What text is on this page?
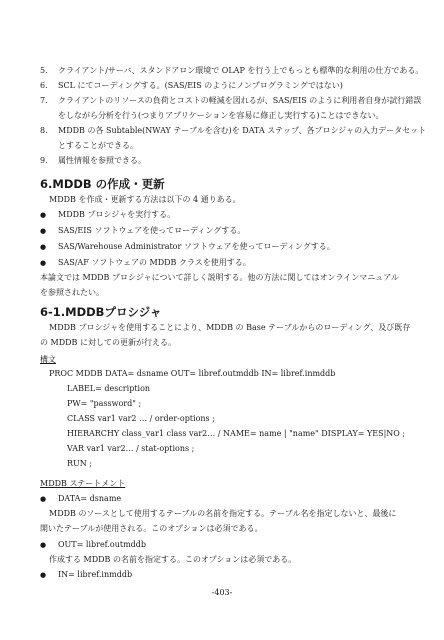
5. クライアント/サーバ、スタンドアロン環境で OLAP を行う上でもっとも標準的な利用の仕方である。
6. SCL にてコーディングする。(SAS/EIS のようにノンプログラミングではない)
7. クライアントのリソースの負荷とコストの軽減を図れるが、SAS/EIS のように利用者自身が試行錯誤
をしながら分析を行う(つまりアプリケーションを容易に修正し実行する)ことはできない。
8. MDDB の各 Subtable(NWAY テーブルを含む)を DATA ステップ、各プロシジャの入力データセット
とすることができる。
9. 属性情報を参照できる。
6.MDDB の作成・更新
MDDB を作成・更新する方法は以下の 4 通りある。
● MDDB プロシジャを実行する。
● SAS/EIS ソフトウェアを使ってローディングする。
● SAS/Warehouse Administrator ソフトウェアを使ってローディングする。
● SAS/AF ソフトウェアの MDDB クラスを使用する。
本論文では MDDB プロシジャについて詳しく説明する。他の方法に関してはオンラインマニュアル
を参照されたい。
6-1.MDDBプロシジャ
MDDB プロシジャを使用することにより、MDDB の Base テーブルからのローディング、及び既存
の MDDB に対しての更新が行える。
構文
PROC MDDB DATA= dsname OUT= libref.outmddb IN= libref.inmddb
LABEL= description
PW= "password" ;
CLASS var1 var2 … / order-options ;
HIERARCHY class_var1 class var2… / NAME= name | "name" DISPLAY= YES|NO ;
VAR var1 var2… / stat-options ;
RUN ;
MDDB ステートメント
● DATA= dsname
MDDB のソースとして使用するテーブルの名前を指定する。テーブル名を指定しないと、最後に
開いたテーブルが使用される。このオプションは必須である。
● OUT= libref.outmddb
作成する MDDB の名前を指定する。このオプションは必須である。
● IN= libref.inmddb
-403-
